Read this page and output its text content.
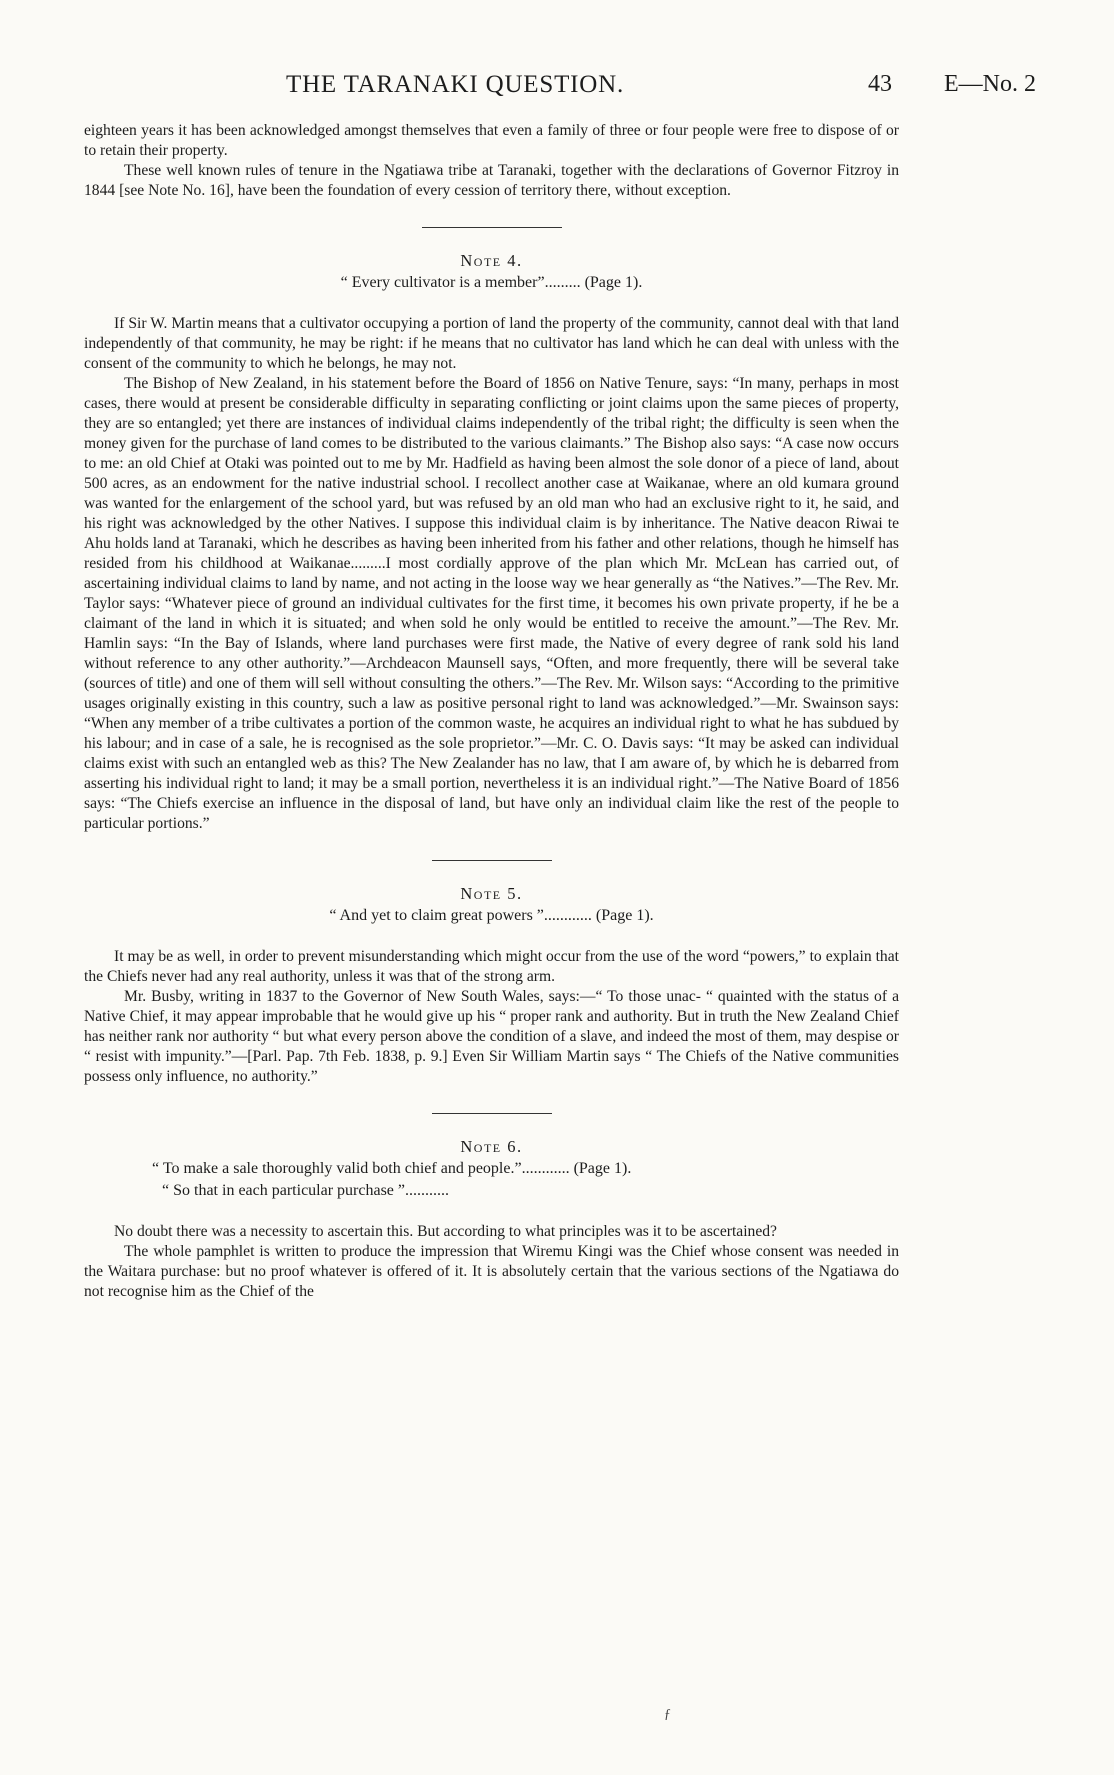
THE TARANAKI QUESTION.	43 E—No. 2

eighteen years it has been acknowledged amongst themselves that even a family of three or four people were free to dispose of or to retain their property.

These well known rules of tenure in the Ngatiawa tribe at Taranaki, together with the declarations of Governor Fitzroy in 1844 [see Note No. 16], have been the foundation of every cession of territory there, without exception.

Note 4.
“ Every cultivator is a member”......... (Page 1).

If Sir W. Martin means that a cultivator occupying a portion of land the property of the community, cannot deal with that land independently of that community, he may be right: if he means that no cultivator has land which he can deal with unless with the consent of the community to which he belongs, he may not.

The Bishop of New Zealand, in his statement before the Board of 1856 on Native Tenure, says: “In many, perhaps in most cases, there would at present be considerable difficulty in separating conflicting or joint claims upon the same pieces of property, they are so entangled; yet there are instances of individual claims independently of the tribal right; the difficulty is seen when the money given for the purchase of land comes to be distributed to the various claimants.” The Bishop also says: “A case now occurs to me: an old Chief at Otaki was pointed out to me by Mr. Hadfield as having been almost the sole donor of a piece of land, about 500 acres, as an endowment for the native industrial school. I recollect another case at Waikanae, where an old kumara ground was wanted for the enlargement of the school yard, but was refused by an old man who had an exclusive right to it, he said, and his right was acknowledged by the other Natives. I suppose this individual claim is by inheritance. The Native deacon Riwai te Ahu holds land at Taranaki, which he describes as having been inherited from his father and other relations, though he himself has resided from his childhood at Waikanae.........I most cordially approve of the plan which Mr. McLean has carried out, of ascertaining individual claims to land by name, and not acting in the loose way we hear generally as “the Natives.”—The Rev. Mr. Taylor says: “Whatever piece of ground an individual cultivates for the first time, it becomes his own private property, if he be a claimant of the land in which it is situated; and when sold he only would be entitled to receive the amount.”—The Rev. Mr. Hamlin says: “In the Bay of Islands, where land purchases were first made, the Native of every degree of rank sold his land without reference to any other authority.”—Archdeacon Maunsell says, “Often, and more frequently, there will be several take (sources of title) and one of them will sell without consulting the others.”—The Rev. Mr. Wilson says: “According to the primitive usages originally existing in this country, such a law as positive personal right to land was acknowledged.”—Mr. Swainson says: “When any member of a tribe cultivates a portion of the common waste, he acquires an individual right to what he has subdued by his labour; and in case of a sale, he is recognised as the sole proprietor.”—Mr. C. O. Davis says: “It may be asked can individual claims exist with such an entangled web as this? The New Zealander has no law, that I am aware of, by which he is debarred from asserting his individual right to land; it may be a small portion, nevertheless it is an individual right.”—The Native Board of 1856 says: “The Chiefs exercise an influence in the disposal of land, but have only an individual claim like the rest of the people to particular portions.”

Note 5.
“ And yet to claim great powers ”............ (Page 1).

It may be as well, in order to prevent misunderstanding which might occur from the use of the word “powers,” to explain that the Chiefs never had any real authority, unless it was that of the strong arm.

Mr. Busby, writing in 1837 to the Governor of New South Wales, says:—“ To those unac- “ quainted with the status of a Native Chief, it may appear improbable that he would give up his “ proper rank and authority. But in truth the New Zealand Chief has neither rank nor authority “ but what every person above the condition of a slave, and indeed the most of them, may despise or “ resist with impunity.”—[Parl. Pap. 7th Feb. 1838, p. 9.] Even Sir William Martin says “ The Chiefs of the Native communities possess only influence, no authority.”

Note 6.
“ To make a sale thoroughly valid both chief and people.”............ (Page 1).
“ So that in each particular purchase ”...........

No doubt there was a necessity to ascertain this. But according to what principles was it to be ascertained?

The whole pamphlet is written to produce the impression that Wiremu Kingi was the Chief whose consent was needed in the Waitara purchase: but no proof whatever is offered of it. It is absolutely certain that the various sections of the Ngatiawa do not recognise him as the Chief of the

ƒ
